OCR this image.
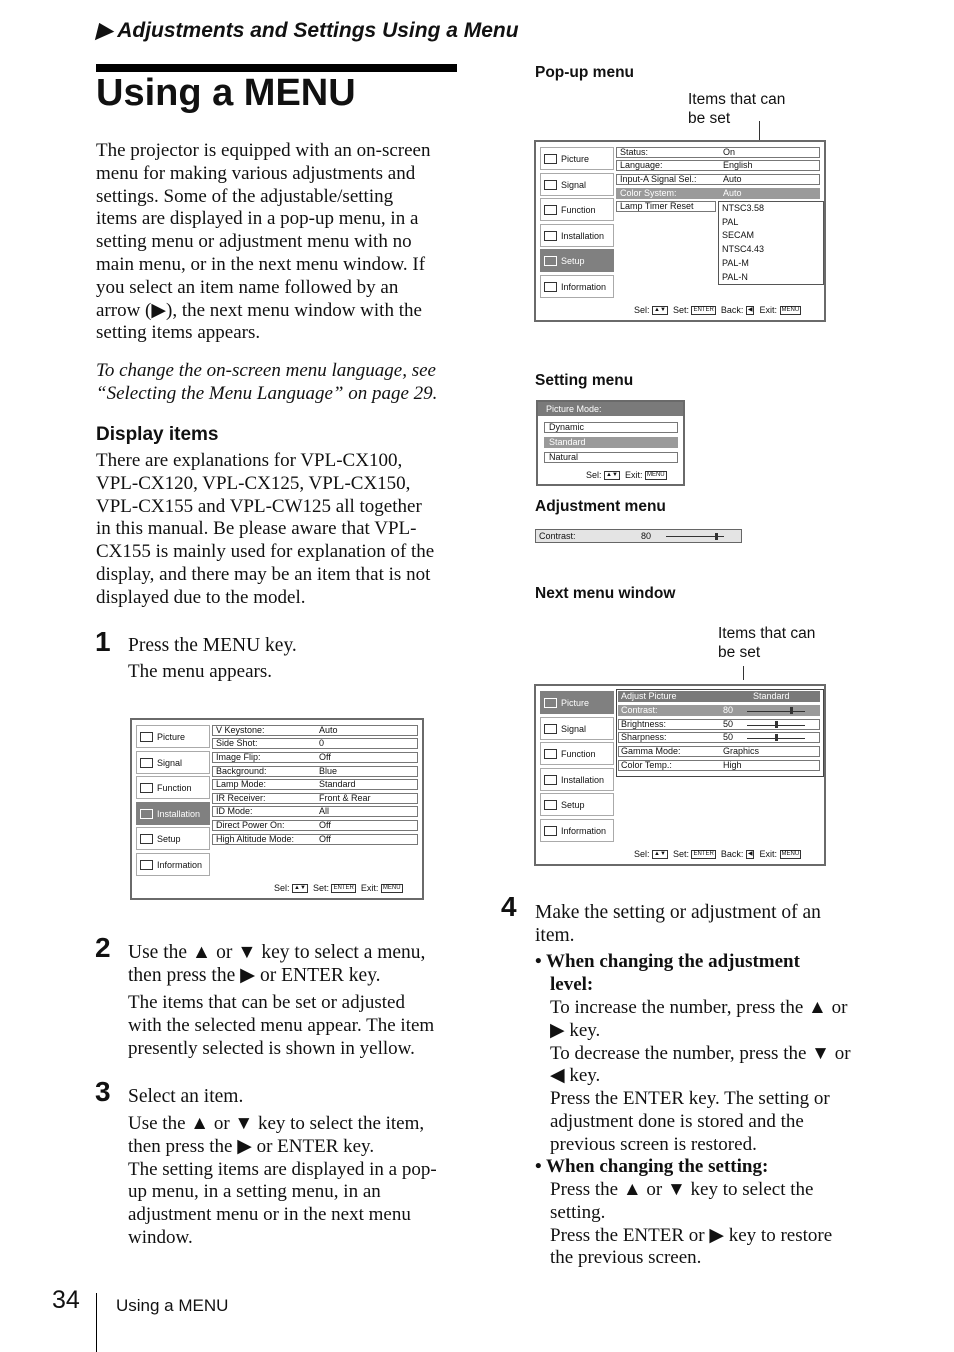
▶ Adjustments and Settings Using a Menu
Using a MENU
The projector is equipped with an on-screen
menu for making various adjustments and
settings. Some of the adjustable/setting
items are displayed in a pop-up menu, in a
setting menu or adjustment menu with no
main menu, or in the next menu window. If
you select an item name followed by an
arrow (▶), the next menu window with the
setting items appears.
To change the on-screen menu language, see
“Selecting the Menu Language” on page 29.
Display items
There are explanations for VPL-CX100,
VPL-CX120, VPL-CX125, VPL-CX150,
VPL-CX155 and VPL-CW125 all together
in this manual. Be please aware that VPL-
CX155 is mainly used for explanation of the
display, and there may be an item that is not
displayed due to the model.
1 Press the MENU key.
The menu appears.
Picture
Signal
Function
Installation
Setup
Information
V Keystone:	Auto
Side Shot:	0
Image Flip:	Off
Background:	Blue
Lamp Mode:	Standard
IR Receiver:	Front & Rear
ID Mode:	All
Direct Power On:	Off
High Altitude Mode:	Off
Sel: ▲▼ Set: ENTER Exit: MENU
2 Use the ▲ or ▼ key to select a menu,
then press the ▶ or ENTER key.
The items that can be set or adjusted
with the selected menu appear. The item
presently selected is shown in yellow.
3 Select an item.
Use the ▲ or ▼ key to select the item,
then press the ▶ or ENTER key.
The setting items are displayed in a pop-
up menu, in a setting menu, in an
adjustment menu or in the next menu
window.
Pop-up menu
Items that can
be set
Picture
Signal
Function
Installation
Setup
Information
Status:	On
Language:	English
Input-A Signal Sel.:	Auto
Color System:	Auto
Lamp Timer Reset	NTSC3.58
PAL
SECAM
NTSC4.43
PAL-M
PAL-N
Sel: ▲▼ Set: ENTER Back: ◀ Exit: MENU
Setting menu
Picture Mode:
Dynamic
Standard
Natural
Sel: ▲▼ Exit: MENU
Adjustment menu
Contrast:	80
Next menu window
Items that can
be set
Picture
Signal
Function
Installation
Setup
Information
Adjust Picture	Standard
Contrast:	80
Brightness:	50
Sharpness:	50
Gamma Mode:	Graphics
Color Temp.:	High
Sel: ▲▼ Set: ENTER Back: ◀ Exit: MENU
4 Make the setting or adjustment of an
item.
• When changing the adjustment
level:
To increase the number, press the ▲ or
▶ key.
To decrease the number, press the ▼ or
◀ key.
Press the ENTER key. The setting or
adjustment done is stored and the
previous screen is restored.
• When changing the setting:
Press the ▲ or ▼ key to select the
setting.
Press the ENTER or ▶ key to restore
the previous screen.
34 Using a MENU
